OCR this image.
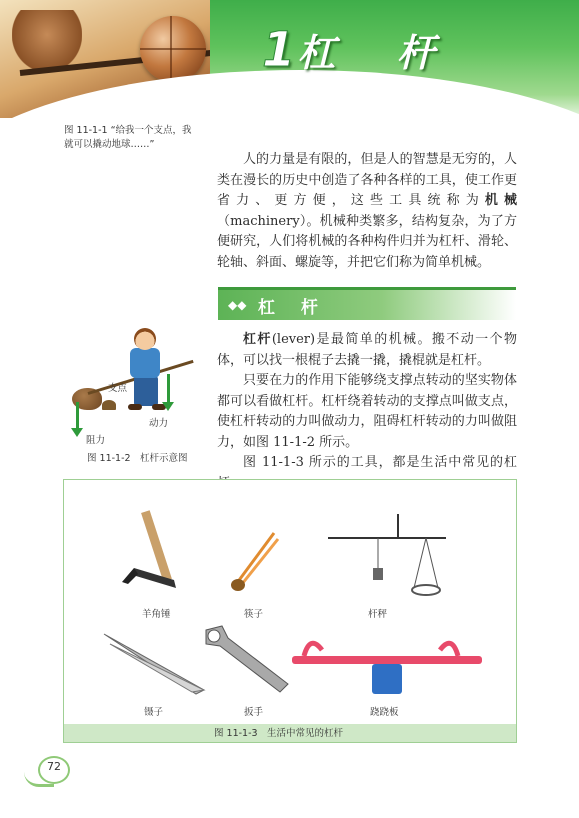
1杠 杆
图 11-1-1 “给我一个支点，我
就可以撬动地球……”
人的力量是有限的，但是人的智慧是无穷的，人类在漫长的历史中创造了各种各样的工具，使工作更省力、更方便，这些工具统称为机械（machinery）。机械种类繁多，结构复杂，为了方便研究，人们将机械的各种构件归并为杠杆、滑轮、轮轴、斜面、螺旋等，并把它们称为简单机械。
◆◆ 杠 杆
杠杆(lever)是最简单的机械。搬不动一个物体，可以找一根棍子去撬一撬，撬棍就是杠杆。
只要在力的作用下能够绕支撑点转动的坚实物体都可以看做杠杆。杠杆绕着转动的支撑点叫做支点，使杠杆转动的力叫做动力，阻碍杠杆转动的力叫做阻力，如图 11-1-2 所示。
图 11-1-3 所示的工具，都是生活中常见的杠
支点
动力
阻力
图 11-1-2　杠杆示意图
羊角锤	筷子	杆秤
镊子	扳手	跷跷板
图 11-1-3　生活中常见的杠杆
72
